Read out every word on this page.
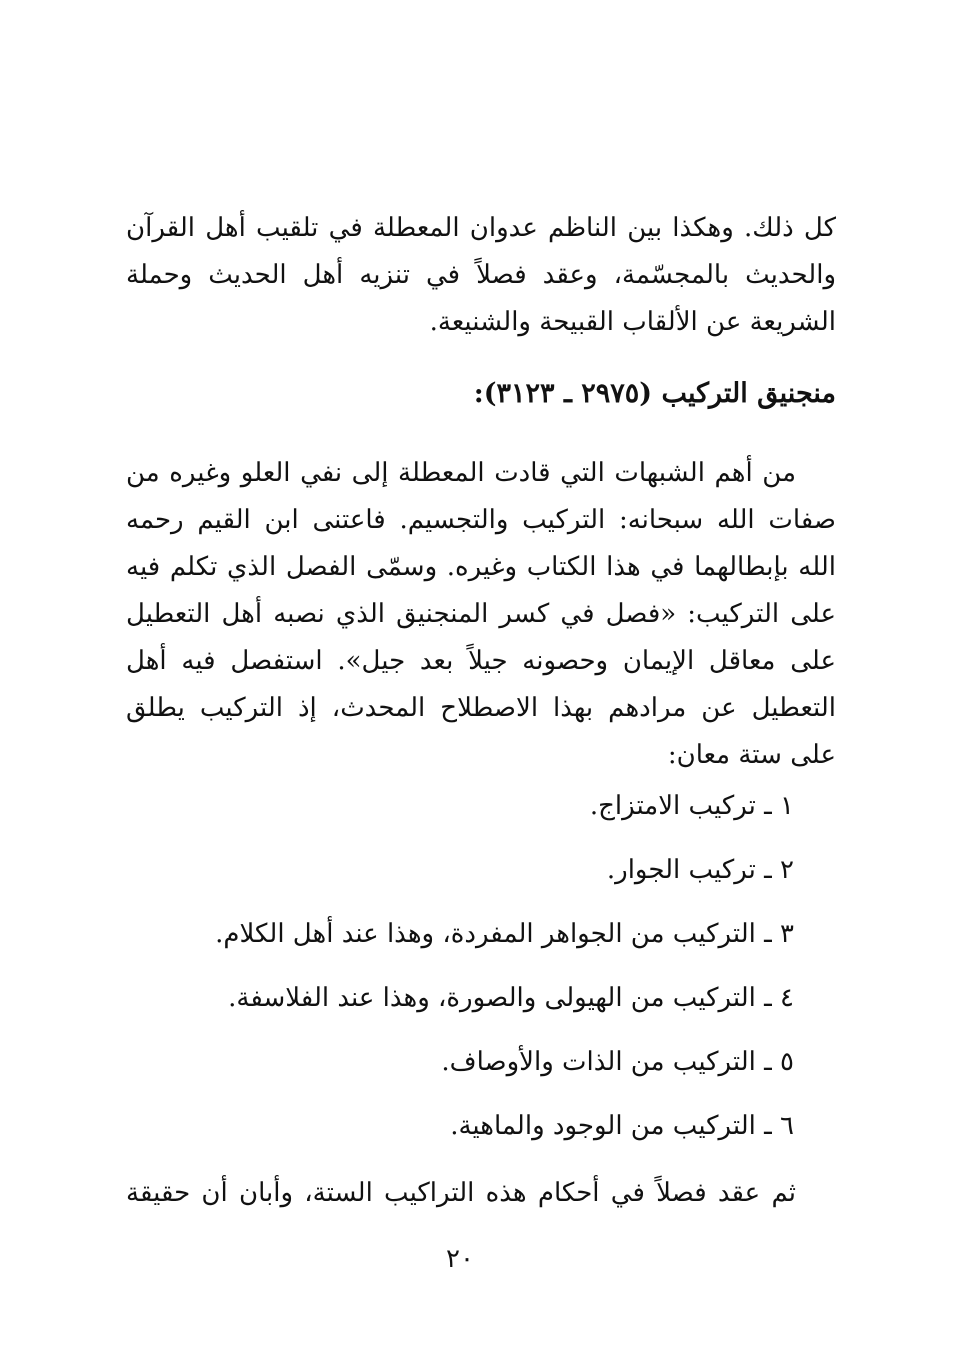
كل ذلك. وهكذا بين الناظم عدوان المعطلة في تلقيب أهل القرآن والحديث بالمجسّمة، وعقد فصلاً في تنزيه أهل الحديث وحملة الشريعة عن الألقاب القبيحة والشنيعة.

منجنيق التركيب (٢٩٧٥ ـ ٣١٢٣):

من أهم الشبهات التي قادت المعطلة إلى نفي العلو وغيره من صفات الله سبحانه: التركيب والتجسيم. فاعتنى ابن القيم رحمه الله بإبطالهما في هذا الكتاب وغيره. وسمّى الفصل الذي تكلم فيه على التركيب: «فصل في كسر المنجنيق الذي نصبه أهل التعطيل على معاقل الإيمان وحصونه جيلاً بعد جيل». استفصل فيه أهل التعطيل عن مرادهم بهذا الاصطلاح المحدث، إذ التركيب يطلق على ستة معان:

١ ـ تركيب الامتزاج.
٢ ـ تركيب الجوار.
٣ ـ التركيب من الجواهر المفردة، وهذا عند أهل الكلام.
٤ ـ التركيب من الهيولى والصورة، وهذا عند الفلاسفة.
٥ ـ التركيب من الذات والأوصاف.
٦ ـ التركيب من الوجود والماهية.

ثم عقد فصلاً في أحكام هذه التراكيب الستة، وأبان أن حقيقة

٢٠
